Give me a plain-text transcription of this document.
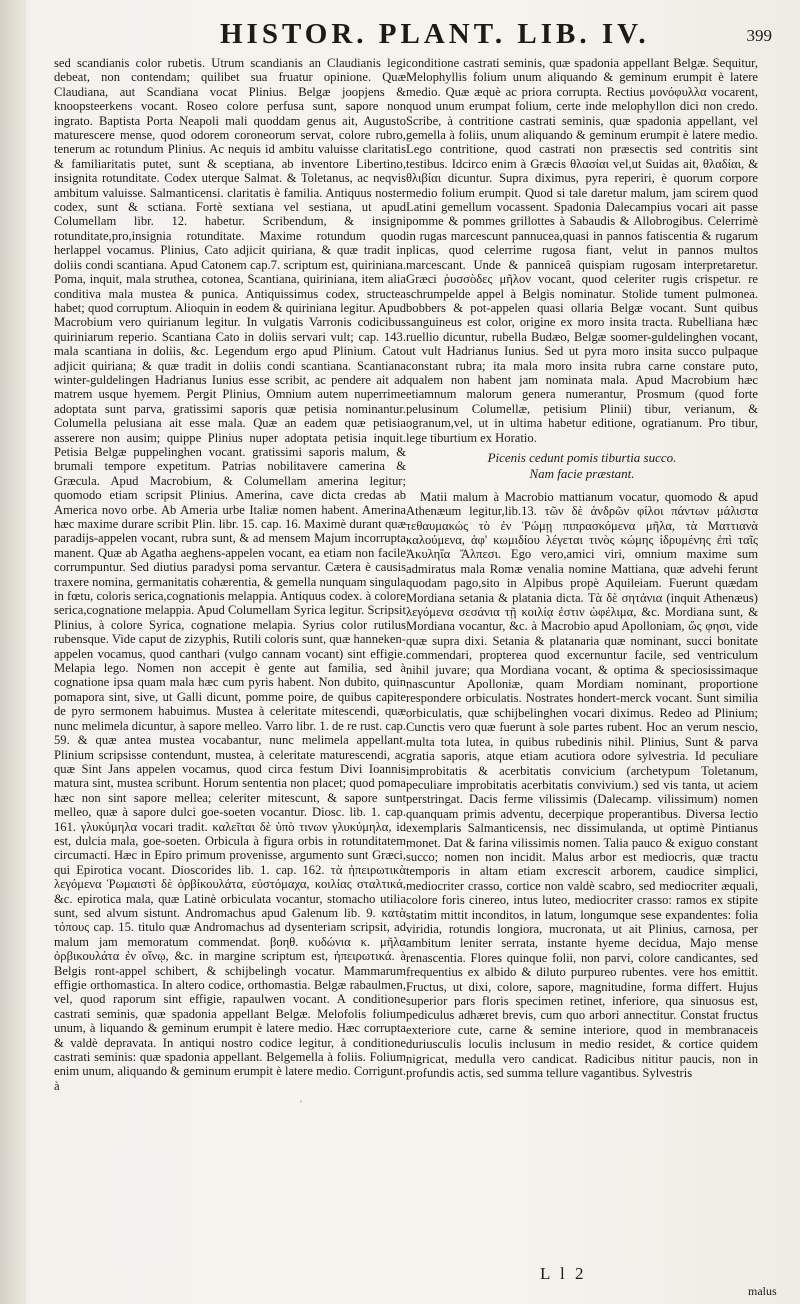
HISTOR. PLANT. LIB. IV.	399

sed scandianis color rubetis. Utrum scandianis an Claudianis legi debeat, non contendam; quilibet sua fruatur opinione. Quæ Claudiana, aut Scandiana vocat Plinius. Belgæ joopjens & knoopsteerkens vocant. Roseo colore perfusa sunt, sapore non ingrato. Baptista Porta Neapoli mali quoddam genus ait, Augusto maturescere mense, quod odorem coroneorum servat, colore rubro, tenerum ac rotundum Plinius. Ac nequis id ambitu valuisse claritatis & familiaritatis putet, sunt & sceptiana, ab inventore Libertino, insignita rotunditate. Codex uterque Salmat. & Toletanus, ac neqvis ambitum valuisse. Salmanticensi. claritatis è familia. Antiquus noster codex, sunt & sctiana. Fortè sextiana vel sestiana, ut apud Columellam libr. 12. habetur. Scribendum, & insigni rotunditate,pro,insignia rotunditate. Maxime rotundum quod herlappel vocamus. Plinius, Cato adjicit quiriana, & quæ tradit in doliis condi scantiana. Apud Catonem cap.7. scriptum est, quiriniana. Poma, inquit, mala struthea, cotonea, Scantiana, quiriniana, item alia conditiva mala mustea & punica. Antiquissimus codex, structea habet; quod corruptum. Alioquin in eodem & quiriniana legitur. Apud Macrobium vero quirianum legitur. In vulgatis Varronis codicibus quiriniarum reperio. Scantiana Cato in doliis servari vult; cap. 143. mala scantiana in doliis, &c. Legendum ergo apud Plinium. Cato adjicit quiriana; & quæ tradit in doliis condi scantiana. Scantiana winter-guldelingen Hadrianus Iunius esse scribit, ac pendere ait ad matrem usque hyemem. Pergit Plinius, Omnium autem nuperrime adoptata sunt parva, gratissimi saporis quæ petisia nominantur. Columella pelusiana ait esse mala. Quæ an eadem quæ petisia asserere non ausim; quippe Plinius nuper adoptata petisia inquit. Petisia Belgæ puppelinghen vocant. gratissimi saporis malum, & brumali tempore expetitum. Patrias nobilitavere camerina & Græcula. Apud Macrobium, & Columellam amerina legitur; quomodo etiam scripsit Plinius. Amerina, cave dicta credas ab America novo orbe. Ab Ameria urbe Italiæ nomen habent. Amerina hæc maxime durare scribit Plin. libr. 15. cap. 16. Maximè durant quæ paradijs-appelen vocant, rubra sunt, & ad mensem Majum incorrupta manent. Quæ ab Agatha aeghens-appelen vocant, ea etiam non facile corrumpuntur. Sed diutius paradysi poma servantur. Cætera è causis traxere nomina, germanitatis cohærentia, & gemella nunquam singula in fœtu, coloris serica,cognationis melappia. Antiquus codex. à colore serica,cognatione melappia. Apud Columellam Syrica legitur. Scripsit Plinius, à colore Syrica, cognatione melapia. Syrius color rutilus rubensque. Vide caput de zizyphis, Rutili coloris sunt, quæ hanneken-appelen vocamus, quod canthari (vulgo cannam vocant) sint effigie. Melapia lego. Nomen non accepit è gente aut familia, sed à cognatione ipsa quam mala hæc cum pyris habent. Non dubito, quin pomapora sint, sive, ut Galli dicunt, pomme poire, de quibus capite de pyro sermonem habuimus. Mustea à celeritate mitescendi, quæ nunc melimela dicuntur, à sapore melleo. Varro libr. 1. de re rust. cap. 59. & quæ antea mustea vocabantur, nunc melimela appellant. Plinium scripsisse contendunt, mustea, à celeritate maturescendi, ac quæ Sint Jans appelen vocamus, quod circa festum Divi Ioannis matura sint, mustea scribunt. Horum sententia non placet; quod poma hæc non sint sapore mellea; celeriter mitescunt, & sapore sunt melleo, quæ à sapore dulci goe-soeten vocantur. Diosc. lib. 1. cap. 161. γλυκύμηλα vocari tradit. καλεῖται δὲ ὑπὸ τινων γλυκύμηλα, id est, dulcia mala, goe-soeten. Orbicula à figura orbis in rotunditatem circumacti. Hæc in Epiro primum provenisse, argumento sunt Græci, qui Epirotica vocant. Dioscorides lib. 1. cap. 162. τὰ ἠπειρωτικὰ λεγόμενα Ῥωμαιστὶ δὲ ὀρβίκουλάτα, εὐστόμαχα, κοιλίας σταλτικά, &c. epirotica mala, quæ Latinè orbiculata vocantur, stomacho utilia sunt, sed alvum sistunt. Andromachus apud Galenum lib. 9. κατὰ τόπους cap. 15. titulo quæ Andromachus ad dysenteriam scripsit, ad malum jam memoratum commendat. βοηθ. κυδώνια κ. μῆλα ὀρβικουλάτα ἐν οἴνῳ, &c. in margine scriptum est, ἠπειρωτικά. à Belgis ront-appel schibert, & schijbelingh vocatur. Mammarum effigie orthomastica. In altero codice, orthomastia. Belgæ rabaulmen, vel, quod raporum sint effigie, rapaulwen vocant. A conditione castrati seminis, quæ spadonia appellant Belgæ. Melofolis folium unum, à liquando & geminum erumpit è latere medio. Hæc corrupta & valdè depravata. In antiqui nostro codice legitur, à conditione castrati seminis: quæ spadonia appellant. Belgemella à foliis. Folium enim unum, aliquando & geminum erumpit è latere medio. Corrigunt. à

conditione castrati seminis, quæ spadonia appellant Belgæ. Sequitur, Melophyllis folium unum aliquando & geminum erumpit è latere medio. Quæ æquè ac priora corrupta. Rectius μονόφυλλα vocarent, quod unum erumpat folium, certe inde melophyllon dici non credo. Scribe, à contritione castrati seminis, quæ spadonia appellant, vel gemella à foliis, unum aliquando & geminum erumpit è latere medio. Lego contritione, quod castrati non præsectis sed contritis sint testibus. Idcirco enim à Græcis θλασίαι vel,ut Suidas ait, θλαδίαι, & θλιβίαι dicuntur. Supra diximus, pyra reperiri, è quorum corpore medio folium erumpit. Quod si tale daretur malum, jam scirem quod Latini gemellum vocassent. Spadonia Dalecampius vocari ait passe pomme & pommes grillottes à Sabaudis & Allobrogibus. Celerrimè in rugas marcescunt pannucea,quasi in pannos fatiscentia & rugarum plicas, quod celerrime rugosa fiant, velut in pannos multos marcescant. Unde & panniceâ quispiam rugosam interpretaretur. Græci ῥυσσὸδες μῆλον vocant, quod celeriter rugis crispetur. re schrumpelde appel à Belgis nominatur. Stolide tument pulmonea. bobbers & pot-appelen quasi ollaria Belgæ vocant. Sunt quibus sanguineus est color, origine ex moro insita tracta. Rubelliana hæc ruellio dicuntur, rubella Budæo, Belgæ soomer-guldelinghen vocant, ut vult Hadrianus Iunius. Sed ut pyra moro insita succo pulpaque constant rubra; ita mala moro insita rubra carne constare puto, qualem non habent jam nominata mala. Apud Macrobium hæc etiamnum malorum genera numerantur, Prosmum (quod forte pelusinum Columellæ, petisium Plinii) tibur, verianum, & ogranum,vel, ut in ultima habetur editione, ogratianum. Pro tibur, lege tiburtium ex Horatio.

Picenis cedunt pomis tiburtia succo.
Nam facie præstant.

Matii malum à Macrobio mattianum vocatur, quomodo & apud Athenæum legitur,lib.13. τῶν δὲ ἀνδρῶν φίλοι πάντων μάλιστα τεθαυμακώς τὸ ἐν Ῥώμῃ πιπρασκόμενα μῆλα, τὰ Ματτιανὰ καλούμενα, ἀφ' κωμιδίου λέγεται τινὸς κώμης ἱδρυμένης ἐπὶ ταῖς Ἀκυληΐα Ἄλπεσι. Ego vero,amici viri, omnium maxime sum admiratus mala Romæ venalia nomine Mattiana, quæ advehi ferunt quodam pago,sito in Alpibus propè Aquileiam. Fuerunt quædam Mordiana setania & platania dicta. Τὰ δὲ σητάνια (inquit Athenæus) λεγόμενα σεσάνια τῇ κοιλίᾳ ἐστιν ὠφέλιμα, &c. Mordiana sunt, & Mordiana vocantur, &c. à Macrobio apud Apolloniam, ὥς φησι, vide quæ supra dixi. Setania & platanaria quæ nominant, succi bonitate commendari, propterea quod excernuntur facile, sed ventriculum nihil juvare; qua Mordiana vocant, & optima & speciosissimaque nascuntur Apolloniæ, quam Mordiam nominant, proportione respondere orbiculatis. Nostrates hondert-merck vocant. Sunt similia orbiculatis, quæ schijbelinghen vocari diximus. Redeo ad Plinium; Cunctis vero quæ fuerunt à sole partes rubent. Hoc an verum nescio, multa tota lutea, in quibus rubedinis nihil. Plinius, Sunt & parva gratia saporis, atque etiam acutiora odore sylvestria. Id peculiare improbitatis & acerbitatis convicium (archetypum Toletanum, peculiare improbitatis acerbitatis convivium.) sed vis tanta, ut aciem perstringat. Dacis ferme vilissimis (Dalecamp. vilissimum) nomen quanquam primis adventu, decerpique properantibus. Diversa lectio exemplaris Salmanticensis, nec dissimulanda, ut optimè Pintianus monet. Dat & farina vilissimis nomen. Talia pauco & exiguo constant succo; nomen non incidit. Malus arbor est mediocris, quæ tractu temporis in altam etiam excrescit arborem, caudice simplici, mediocriter crasso, cortice non valdè scabro, sed mediocriter æquali, colore foris cinereo, intus luteo, mediocriter crasso: ramos ex stipite statim mittit inconditos, in latum, longumque sese expandentes: folia viridia, rotundis longiora, mucronata, ut ait Plinius, carnosa, per ambitum leniter serrata, instante hyeme decidua, Majo mense renascentia. Flores quinque folii, non parvi, colore candicantes, sed frequentius ex albido & diluto purpureo rubentes. vere hos emittit. Fructus, ut dixi, colore, sapore, magnitudine, forma differt. Hujus superior pars floris specimen retinet, inferiore, qua sinuosus est, pediculus adhæret brevis, cum quo arbori annectitur. Constat fructus exteriore cute, carne & semine interiore, quod in membranaceis duriusculis loculis inclusum in medio residet, & cortice quidem nigricat, medulla vero candicat. Radicibus nititur paucis, non in profundis actis, sed summa tellure vagantibus. Sylvestris

L l 2
malus
